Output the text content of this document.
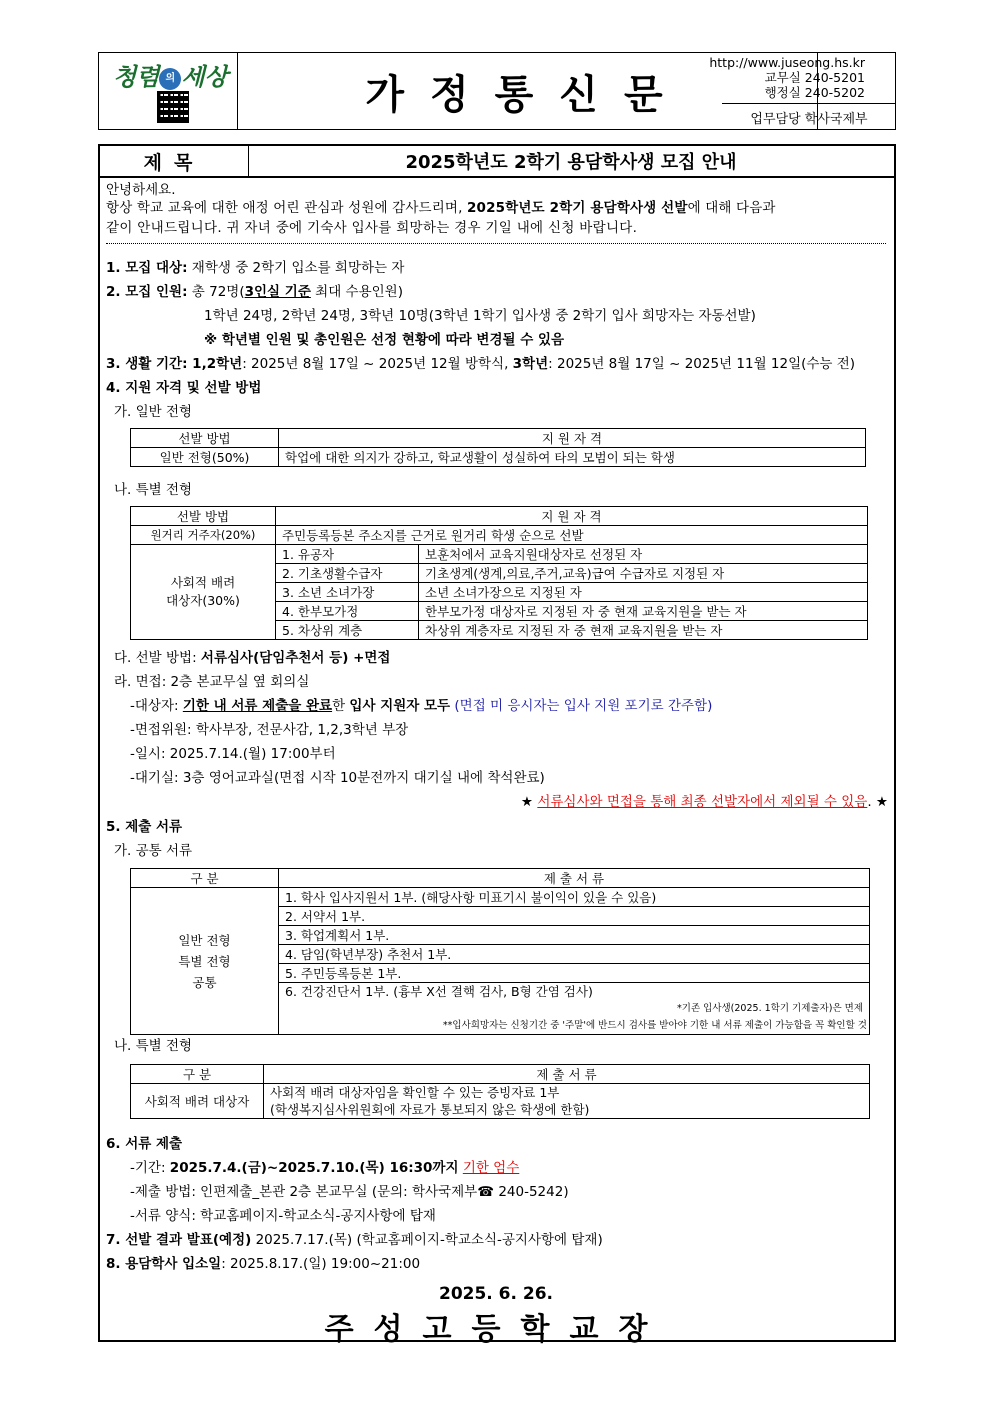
청렴 의 세상	가정통신문
http://www.juseong.hs.kr
교무실 240-5201
행정실 240-5202
업무담당 학사국제부
제목	2025학년도 2학기 용담학사생 모집 안내
안녕하세요.
항상 학교 교육에 대한 애정 어린 관심과 성원에 감사드리며, 2025학년도 2학기 용담학사생 선발에 대해 다음과
같이 안내드립니다. 귀 자녀 중에 기숙사 입사를 희망하는 경우 기일 내에 신청 바랍니다.
1. 모집 대상: 재학생 중 2학기 입소를 희망하는 자
2. 모집 인원: 총 72명(3인실 기준 최대 수용인원)
1학년 24명, 2학년 24명, 3학년 10명(3학년 1학기 입사생 중 2학기 입사 희망자는 자동선발)
※ 학년별 인원 및 총인원은 선정 현황에 따라 변경될 수 있음
3. 생활 기간: 1,2학년: 2025년 8월 17일 ~ 2025년 12월 방학식, 3학년: 2025년 8월 17일 ~ 2025년 11월 12일(수능 전)
4. 지원 자격 및 선발 방법
가. 일반 전형
선발 방법	지 원 자 격
일반 전형(50%)	학업에 대한 의지가 강하고, 학교생활이 성실하여 타의 모범이 되는 학생
나. 특별 전형
선발 방법	지 원 자 격	
원거리 거주자(20%)	주민등록등본 주소지를 근거로 원거리 학생 순으로 선발	

사회적 배려
대상자(30%)	1. 유공자	보훈처에서 교육지원대상자로 선정된 자
	2. 기초생활수급자	기초생계(생계,의료,주거,교육)급여 수급자로 지정된 자
	3. 소년 소녀가장	소년 소녀가장으로 지정된 자
	4. 한부모가정	한부모가정 대상자로 지정된 자 중 현재 교육지원을 받는 자
	5. 차상위 계층	차상위 계층자로 지정된 자 중 현재 교육지원을 받는 자
다. 선발 방법: 서류심사(담임추천서 등) +면접
라. 면접: 2층 본교무실 옆 회의실
-대상자: 기한 내 서류 제출을 완료한 입사 지원자 모두 (면접 미 응시자는 입사 지원 포기로 간주함)
-면접위원: 학사부장, 전문사감, 1,2,3학년 부장
-일시: 2025.7.14.(월) 17:00부터
-대기실: 3층 영어교과실(면접 시작 10분전까지 대기실 내에 착석완료)
★ 서류심사와 면접을 통해 최종 선발자에서 제외될 수 있음. ★
5. 제출 서류
가. 공통 서류
구 분	제 출 서 류

일반 전형
특별 전형
공통	1. 학사 입사지원서 1부. (해당사항 미표기시 불이익이 있을 수 있음)
	2. 서약서 1부.
	3. 학업계획서 1부.
	4. 담임(학년부장) 추천서 1부.
	5. 주민등록등본 1부.

	6. 건강진단서 1부. (흉부 X선 결핵 검사, B형 간염 검사)
*기존 입사생(2025. 1학기 기제출자)은 면제
**입사희망자는 신청기간 중 '주말'에 반드시 검사를 받아야 기한 내 서류 제출이 가능함을 꼭 확인할 것
나. 특별 전형
구 분	제 출 서 류
사회적 배려 대상자	사회적 배려 대상자임을 확인할 수 있는 증빙자료 1부
(학생복지심사위원회에 자료가 통보되지 않은 학생에 한함)
6. 서류 제출
-기간: 2025.7.4.(금)~2025.7.10.(목) 16:30까지 기한 엄수
-제출 방법: 인편제출_본관 2층 본교무실 (문의: 학사국제부☎ 240-5242)
-서류 양식: 학교홈페이지-학교소식-공지사항에 탑재
7. 선발 결과 발표(예정) 2025.7.17.(목) (학교홈페이지-학교소식-공지사항에 탑재)
8. 용담학사 입소일: 2025.8.17.(일) 19:00~21:00
2025. 6. 26.
주성고등학교장
